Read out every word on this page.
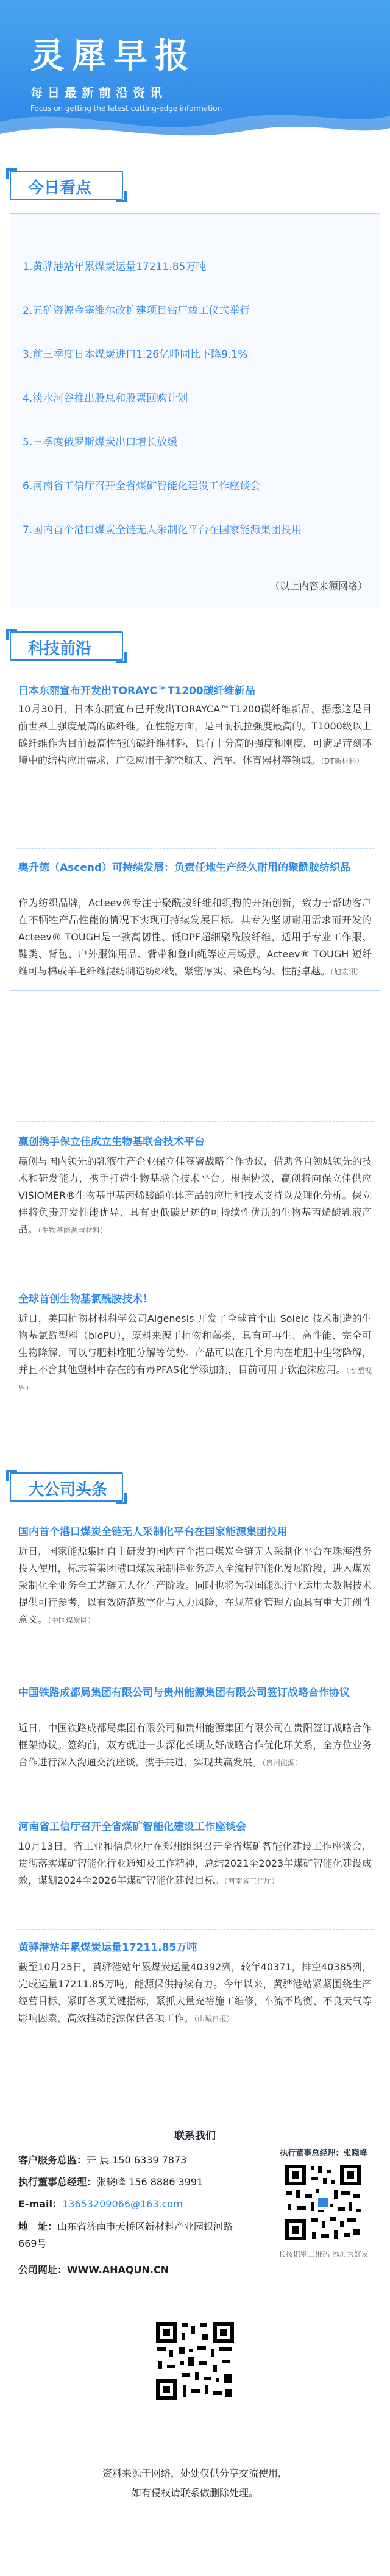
灵犀早报
每日最新前沿资讯
Focus on getting the latest cutting-edge information
今日看点
1.黄骅港站年累煤炭运量17211.85万吨
2.五矿资源金塞维尔改扩建项目钻厂竣工仪式举行
3.前三季度日本煤炭进口1.26亿吨同比下降9.1%
4.淡水河谷推出股息和股票回购计划
5.三季度俄罗斯煤炭出口增长放缓
6.河南省工信厅召开全省煤矿智能化建设工作座谈会
7.国内首个港口煤炭全链无人采制化平台在国家能源集团投用
（以上内容来源网络）
科技前沿
日本东丽宣布开发出TORAYC™T1200碳纤维新品
10月30日，日本东丽宣布已开发出TORAYCA™T1200碳纤维新品。据悉这是目前世界上强度最高的碳纤维。在性能方面，是目前抗拉强度最高的。T1000级以上碳纤维作为目前最高性能的碳纤维材料，具有十分高的强度和刚度，可满足苛刻环境中的结构应用需求，广泛应用于航空航天、汽车、体育器材等领域。（DT新材料）
奥升德（Ascend）可持续发展：负责任地生产经久耐用的聚酰胺纺织品
作为纺织品牌，Acteev®专注于聚酰胺纤维和织物的开拓创新，致力于帮助客户在不牺牲产品性能的情况下实现可持续发展目标。其专为坚韧耐用需求而开发的Acteev® TOUGH是一款高韧性、低DPF超细聚酰胺纤维，适用于专业工作服、鞋类、背包、户外服饰用品、背带和登山绳等应用场景。Acteev® TOUGH 短纤维可与棉或羊毛纤维混纺制造纺纱线，紧密厚实、染色均匀、性能卓越。（旭宏讯）
赢创携手保立佳成立生物基联合技术平台
赢创与国内领先的乳液生产企业保立佳签署战略合作协议，借助各自领域领先的技术和研发能力，携手打造生物基联合技术平台。根据协议，赢创将向保立佳供应VISIOMER®生物基甲基丙烯酸酯单体产品的应用和技术支持以及理化分析。保立佳将负责开发性能优异、具有更低碳足迹的可持续性优质的生物基丙烯酸乳液产品。（生物基能源与材料）
全球首创生物基氯酰胺技术！
近日，美国植物材料科学公司Algenesis 开发了全球首个由 Soleic 技术制造的生物基氯酰型料（bioPU），原料来源于植物和藻类，具有可再生、高性能、完全可生物降解、可以与肥料堆肥分解等优势。产品可以在几个月内在堆肥中生物降解，并且不含其他塑料中存在的有毒PFAS化学添加剂，目前可用于软泡沫应用。（专塑视界）
大公司头条
国内首个港口煤炭全链无人采制化平台在国家能源集团投用
近日，国家能源集团自主研发的国内首个港口煤炭全链无人采制化平台在珠海港务投入使用，标志着集团港口煤炭采制样业务迈入全流程智能化发展阶段，进入煤炭采制化全业务全工艺链无人化生产阶段。同时也将为我国能源行业运用大数据技术提供可行参考，以有效防范数字化与人力风险，在规范化管理方面具有重大开创性意义。（中国煤炭网）
中国铁路成都局集团有限公司与贵州能源集团有限公司签订战略合作协议
近日，中国铁路成都局集团有限公司和贵州能源集团有限公司在贵阳签订战略合作框架协议。签约前，双方就进一步深化长期友好战略合作优化环关系，全方位业务合作进行深入沟通交流座谈，携手共进，实现共赢发展。（贵州能源）
河南省工信厅召开全省煤矿智能化建设工作座谈会
10月13日，省工业和信息化厅在郑州组织召开全省煤矿智能化建设工作座谈会，贯彻落实煤矿智能化行业通知及工作精神，总结2021至2023年煤矿智能化建设成效，谋划2024至2026年煤矿智能化建设目标。（河南省工信厅）
黄骅港站年累煤炭运量17211.85万吨
截至10月25日，黄骅港站年累煤炭运量40392列，较年40371，排空40385列，完成运量17211.85万吨，能源保供持续有力。今年以来，黄骅港站紧紧围绕生产经营目标，紧盯各项关键指标，紧抓大量充裕施工维修，车流不均衡、不良天气等影响因素，高效推动能源保供各项工作。（山城日报）
联系我们
客户服务总监：开 晨 150 6339 7873
执行董事总经理：张晓峰 156 8886 3991
E-mail：13653209066@163.com
地　址：山东省济南市天桥区新材料产业园银河路669号
公司网址：WWW.AHAQUN.CN
执行董事总经理：张晓峰
长按识别二维码 添加为好友
资料来源于网络，处处仅供分享交流使用，
如有侵权请联系做删除处理。
